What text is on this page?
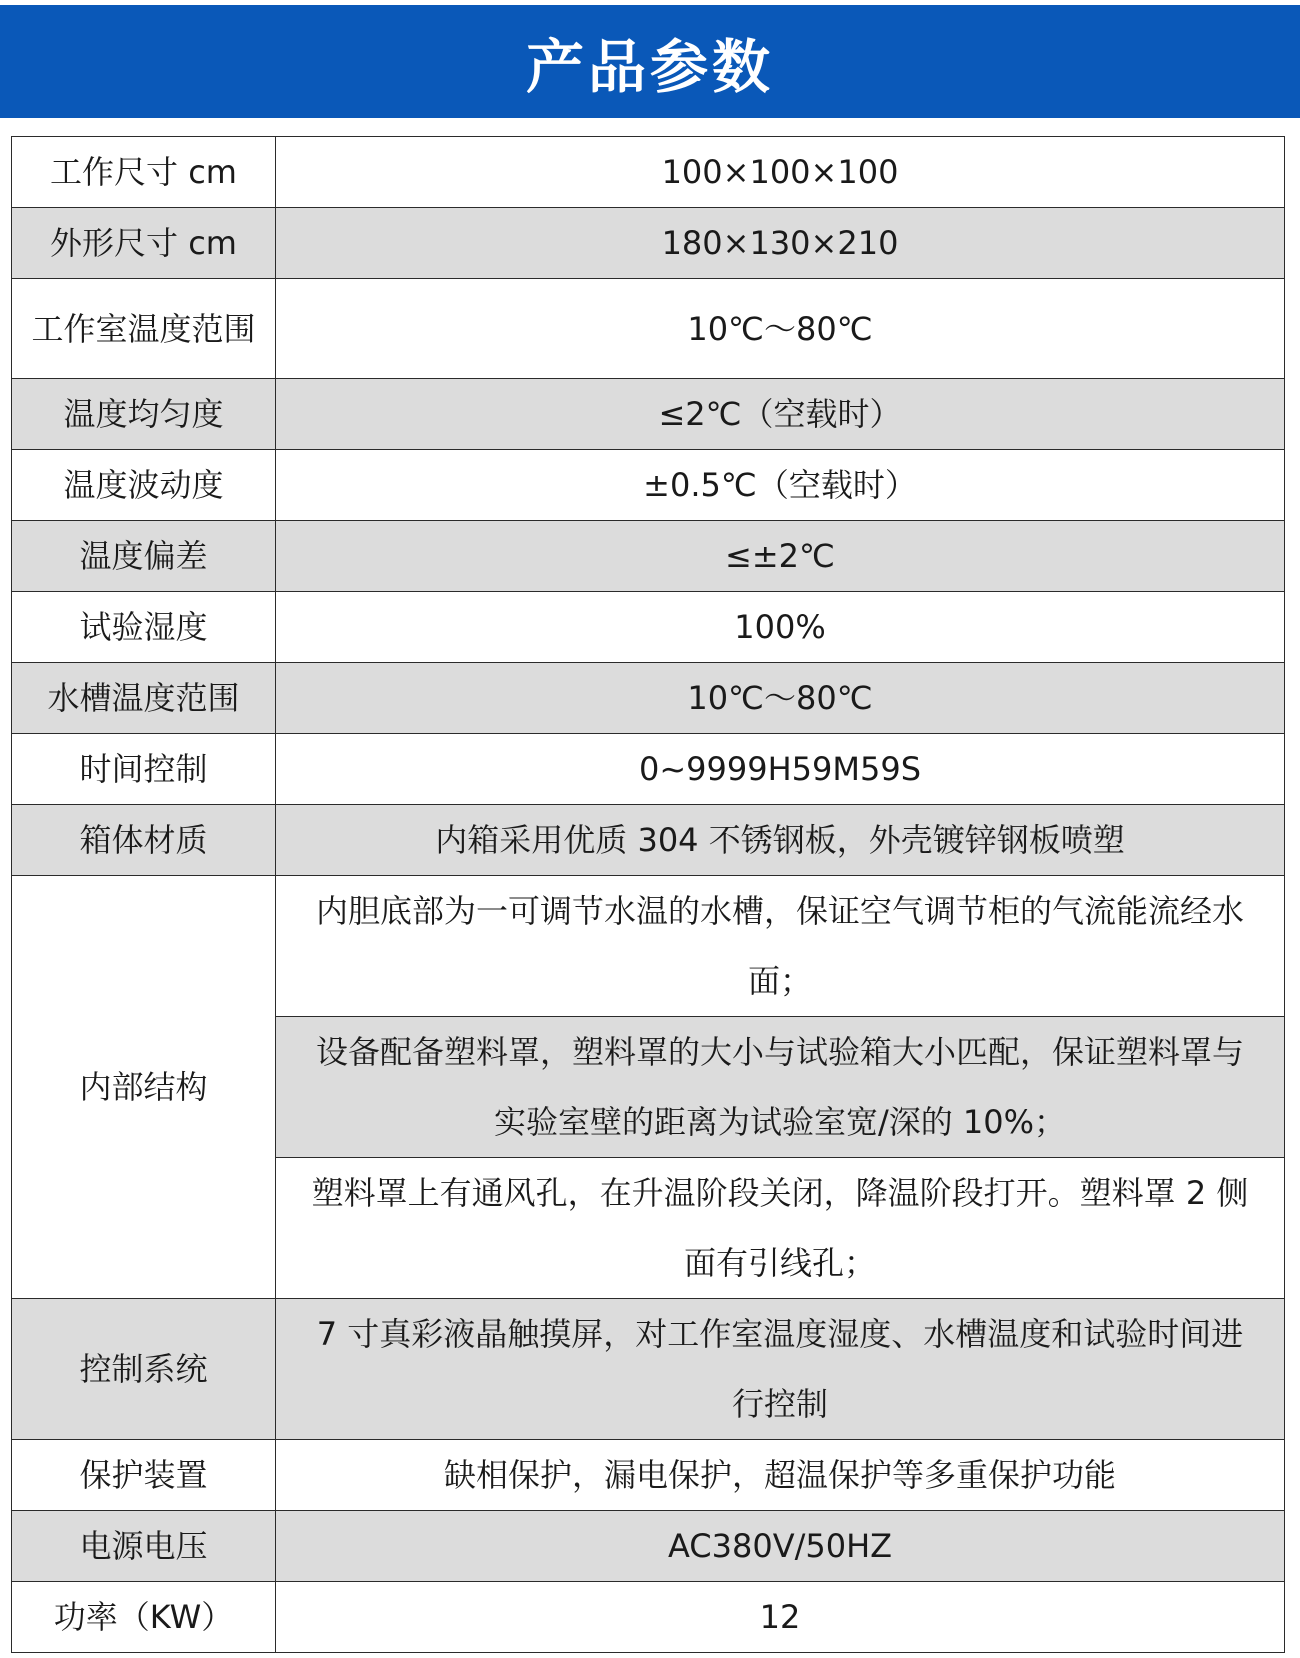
产品参数
工作尺寸 cm	100×100×100
外形尺寸 cm	180×130×210
工作室温度范围	10℃～80℃
温度均匀度	≤2℃（空载时）
温度波动度	±0.5℃（空载时）
温度偏差	≤±2℃
试验湿度	100%
水槽温度范围	10℃～80℃
时间控制	0~9999H59M59S
箱体材质	内箱采用优质 304 不锈钢板，外壳镀锌钢板喷塑
内部结构	内胆底部为一可调节水温的水槽，保证空气调节柜的气流能流经水
面；

	设备配备塑料罩，塑料罩的大小与试验箱大小匹配，保证塑料罩与
实验室壁的距离为试验室宽/深的 10%；

	塑料罩上有通风孔，在升温阶段关闭，降温阶段打开。塑料罩 2 侧
面有引线孔；

控制系统	7 寸真彩液晶触摸屏，对工作室温度湿度、水槽温度和试验时间进
行控制

保护装置	缺相保护，漏电保护，超温保护等多重保护功能
电源电压	AC380V/50HZ
功率（KW）	12
